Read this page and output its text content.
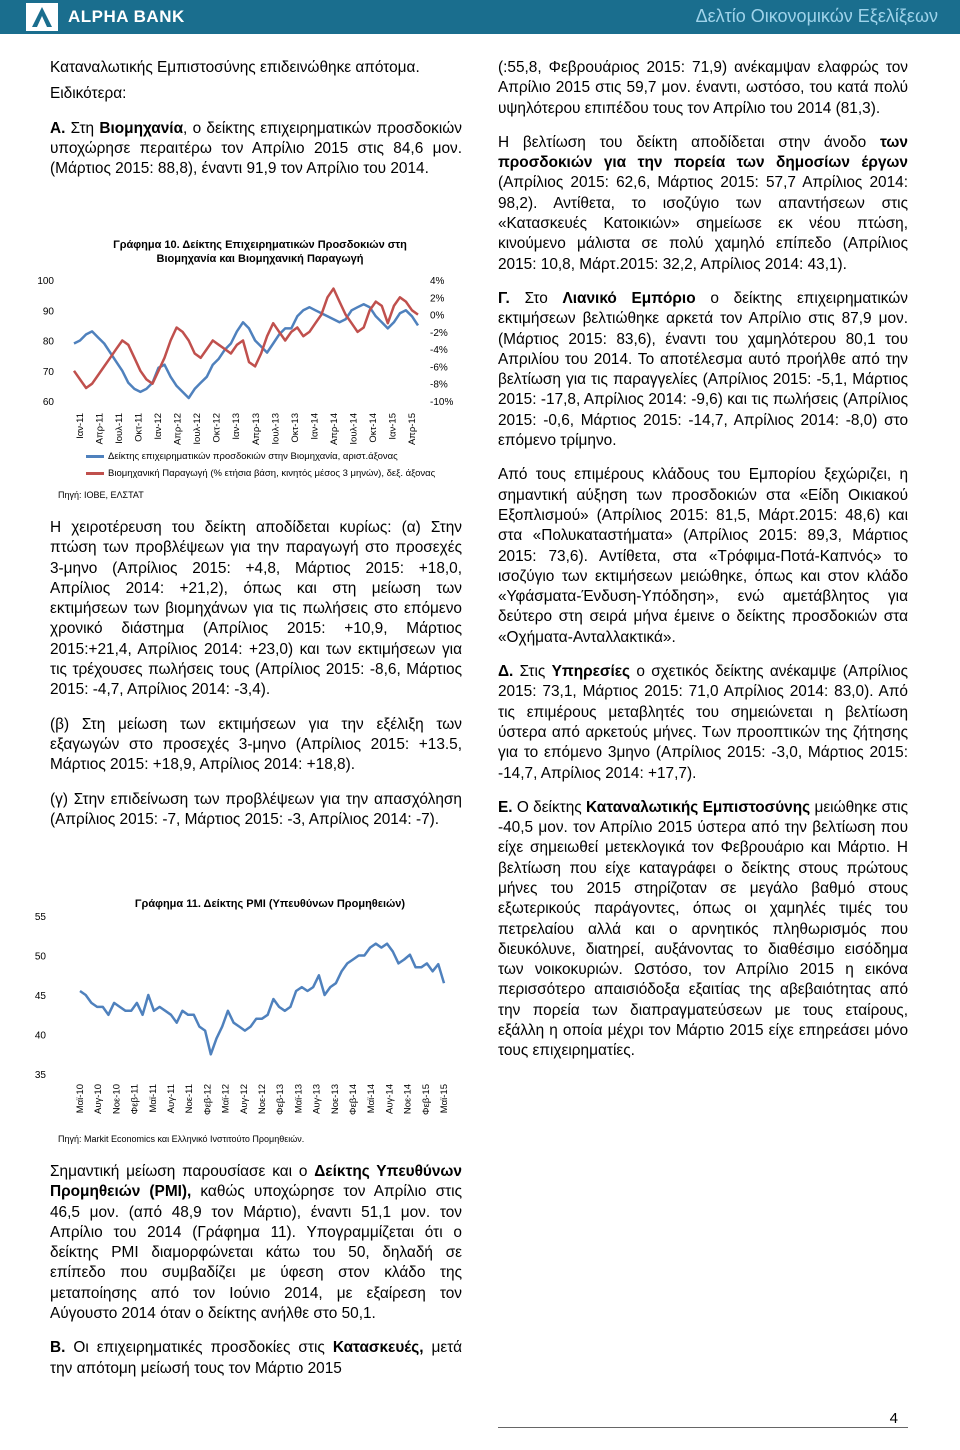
ALPHA BANK	Δελτίο Οικονομικών Εξελίξεων

Καταναλωτικής Εμπιστοσύνης επιδεινώθηκε απότομα.

Ειδικότερα:

Α. Στη Βιομηχανία, ο δείκτης επιχειρηματικών προσδοκιών υποχώρησε περαιτέρω τον Απρίλιο 2015 στις 84,6 μον. (Μάρτιος 2015: 88,8), έναντι 91,9 τον Απρίλιο του 2014.

Γράφημα 10. Δείκτης Επιχειρηματικών Προσδοκιών στη Βιομηχανία και Βιομηχανική Παραγωγή
100
90
80
70
60
4%
2%
0%
-2%
-4%
-6%
-8%
-10%
Ιαν-11 Απρ-11 Ιουλ-11 Οκτ-11 Ιαν-12 Απρ-12 Ιουλ-12 Οκτ-12 Ιαν-13 Απρ-13 Ιουλ-13 Οκτ-13 Ιαν-14 Απρ-14 Ιουλ-14 Οκτ-14 Ιαν-15 Απρ-15
Δείκτης επιχειρηματικών προσδοκιών στην Βιομηχανία, αριστ.άξονας
Βιομηχανική Παραγωγή (% ετήσια βάση, κινητός μέσος 3 μηνών), δεξ. άξονας
Πηγή: ΙΟΒΕ, ΕΛΣΤΑΤ

Η χειροτέρευση του δείκτη αποδίδεται κυρίως: (α) Στην πτώση των προβλέψεων για την παραγωγή στο προσεχές 3-μηνο (Απρίλιος 2015: +4,8, Μάρτιος 2015: +18,0, Απρίλιος 2014: +21,2), όπως και στη μείωση των εκτιμήσεων των βιομηχάνων για τις πωλήσεις στο επόμενο χρονικό διάστημα (Απρίλιος 2015: +10,9, Μάρτιος 2015:+21,4, Απρίλιος 2014: +23,0) και των εκτιμήσεων για τις τρέχουσες πωλήσεις τους (Απρίλιος 2015: -8,6, Μάρτιος 2015: -4,7, Απρίλιος 2014: -3,4).

(β) Στη μείωση των εκτιμήσεων για την εξέλιξη των εξαγωγών στο προσεχές 3-μηνο (Απρίλιος 2015: +13.5, Μάρτιος 2015: +18,9, Απρίλιος 2014: +18,8).

(γ) Στην επιδείνωση των προβλέψεων για την απασχόληση (Απρίλιος 2015: -7, Μάρτιος 2015: -3, Απρίλιος 2014: -7).

Γράφημα 11. Δείκτης PMI (Υπευθύνων Προμηθειών)
55
50
45
40
35
Μαϊ-10 Αυγ-10 Νοε-10 Φεβ-11 Μαϊ-11 Αυγ-11 Νοε-11 Φεβ-12 Μαϊ-12 Αυγ-12 Νοε-12 Φεβ-13 Μαϊ-13 Αυγ-13 Νοε-13 Φεβ-14 Μαϊ-14 Αυγ-14 Νοε-14 Φεβ-15 Μαϊ-15
Πηγή: Markit Economics και Ελληνικό Ινστιτούτο Προμηθειών.

Σημαντική μείωση παρουσίασε και ο Δείκτης Υπευθύνων Προμηθειών (PMI), καθώς υποχώρησε τον Απρίλιο στις 46,5 μον. (από 48,9 τον Μάρτιο), έναντι 51,1 μον. τον Απρίλιο του 2014 (Γράφημα 11). Υπογραμμίζεται ότι ο δείκτης PMI διαμορφώνεται κάτω του 50, δηλαδή σε επίπεδο που συμβαδίζει με ύφεση στον κλάδο της μεταποίησης από τον Ιούνιο 2014, με εξαίρεση τον Αύγουστο 2014 όταν ο δείκτης ανήλθε στο 50,1.

Β. Οι επιχειρηματικές προσδοκίες στις Κατασκευές, μετά την απότομη μείωσή τους τον Μάρτιο 2015

(:55,8, Φεβρουάριος 2015: 71,9) ανέκαμψαν ελαφρώς τον Απρίλιο 2015 στις 59,7 μον. έναντι, ωστόσο, του κατά πολύ υψηλότερου επιπέδου τους τον Απρίλιο του 2014 (81,3).

Η βελτίωση του δείκτη αποδίδεται στην άνοδο των προσδοκιών για την πορεία των δημοσίων έργων (Απρίλιος 2015: 62,6, Μάρτιος 2015: 57,7 Απρίλιος 2014: 98,2). Αντίθετα, το ισοζύγιο των απαντήσεων στις «Κατασκευές Κατοικιών» σημείωσε εκ νέου πτώση, κινούμενο μάλιστα σε πολύ χαμηλό επίπεδο (Απρίλιος 2015: 10,8, Μάρτ.2015: 32,2, Απρίλιος 2014: 43,1).

Γ. Στο Λιανικό Εμπόριο ο δείκτης επιχειρηματικών εκτιμήσεων βελτιώθηκε αρκετά τον Απρίλιο στις 87,9 μον. (Μάρτιος 2015: 83,6), έναντι του χαμηλότερου 80,1 του Απριλίου του 2014. Το αποτέλεσμα αυτό προήλθε από την βελτίωση για τις παραγγελίες (Απρίλιος 2015: -5,1, Μάρτιος 2015: -17,8, Απρίλιος 2014: -9,6) και τις πωλήσεις (Απρίλιος 2015: -0,6, Μάρτιος 2015: -14,7, Απρίλιος 2014: -8,0) στο επόμενο τρίμηνο.

Από τους επιμέρους κλάδους του Εμπορίου ξεχώριζει, η σημαντική αύξηση των προσδοκιών στα «Είδη Οικιακού Εξοπλισμού» (Απρίλιος 2015: 81,5, Μάρτ.2015: 48,6) και στα «Πολυκαταστήματα» (Απρίλιος 2015: 89,3, Μάρτιος 2015: 73,6). Αντίθετα, στα «Τρόφιμα-Ποτά-Καπνός» το ισοζύγιο των εκτιμήσεων μειώθηκε, όπως και στον κλάδο «Υφάσματα-Ένδυση-Υπόδηση», ενώ αμετάβλητος για δεύτερο στη σειρά μήνα έμεινε ο δείκτης προσδοκιών στα «Οχήματα-Ανταλλακτικά».

Δ. Στις Υπηρεσίες ο σχετικός δείκτης ανέκαμψε (Απρίλιος 2015: 73,1, Μάρτιος 2015: 71,0 Απρίλιος 2014: 83,0). Από τις επιμέρους μεταβλητές του σημειώνεται η βελτίωση ύστερα από αρκετούς μήνες. Των προοπτικών της ζήτησης για το επόμενο 3μηνο (Απρίλιος 2015: -3,0, Μάρτιος 2015: -14,7, Απρίλιος 2014: +17,7).

Ε. Ο δείκτης Καταναλωτικής Εμπιστοσύνης μειώθηκε στις -40,5 μον. τον Απρίλιο 2015 ύστερα από την βελτίωση που είχε σημειωθεί μετεκλογικά τον Φεβρουάριο και Μάρτιο. Η βελτίωση που είχε καταγράφει ο δείκτης στους πρώτους μήνες του 2015 στηρίζοταν σε μεγάλο βαθμό στους εξωτερικούς παράγοντες, όπως οι χαμηλές τιμές του πετρελαίου αλλά και ο αρνητικός πληθωρισμός που διευκόλυνε, διατηρεί, αυξάνοντας το διαθέσιμο εισόδημα των νοικοκυριών. Ωστόσο, τον Απρίλιο 2015 η εικόνα περισσότερο απαισιόδοξα εξαιτίας της αβεβαιότητας από την πορεία των διαπραγματεύσεων με τους εταίρους, εξάλλη η οποία μέχρι τον Μάρτιο 2015 είχε επηρεάσει μόνο τους επιχειρηματίες.

4
